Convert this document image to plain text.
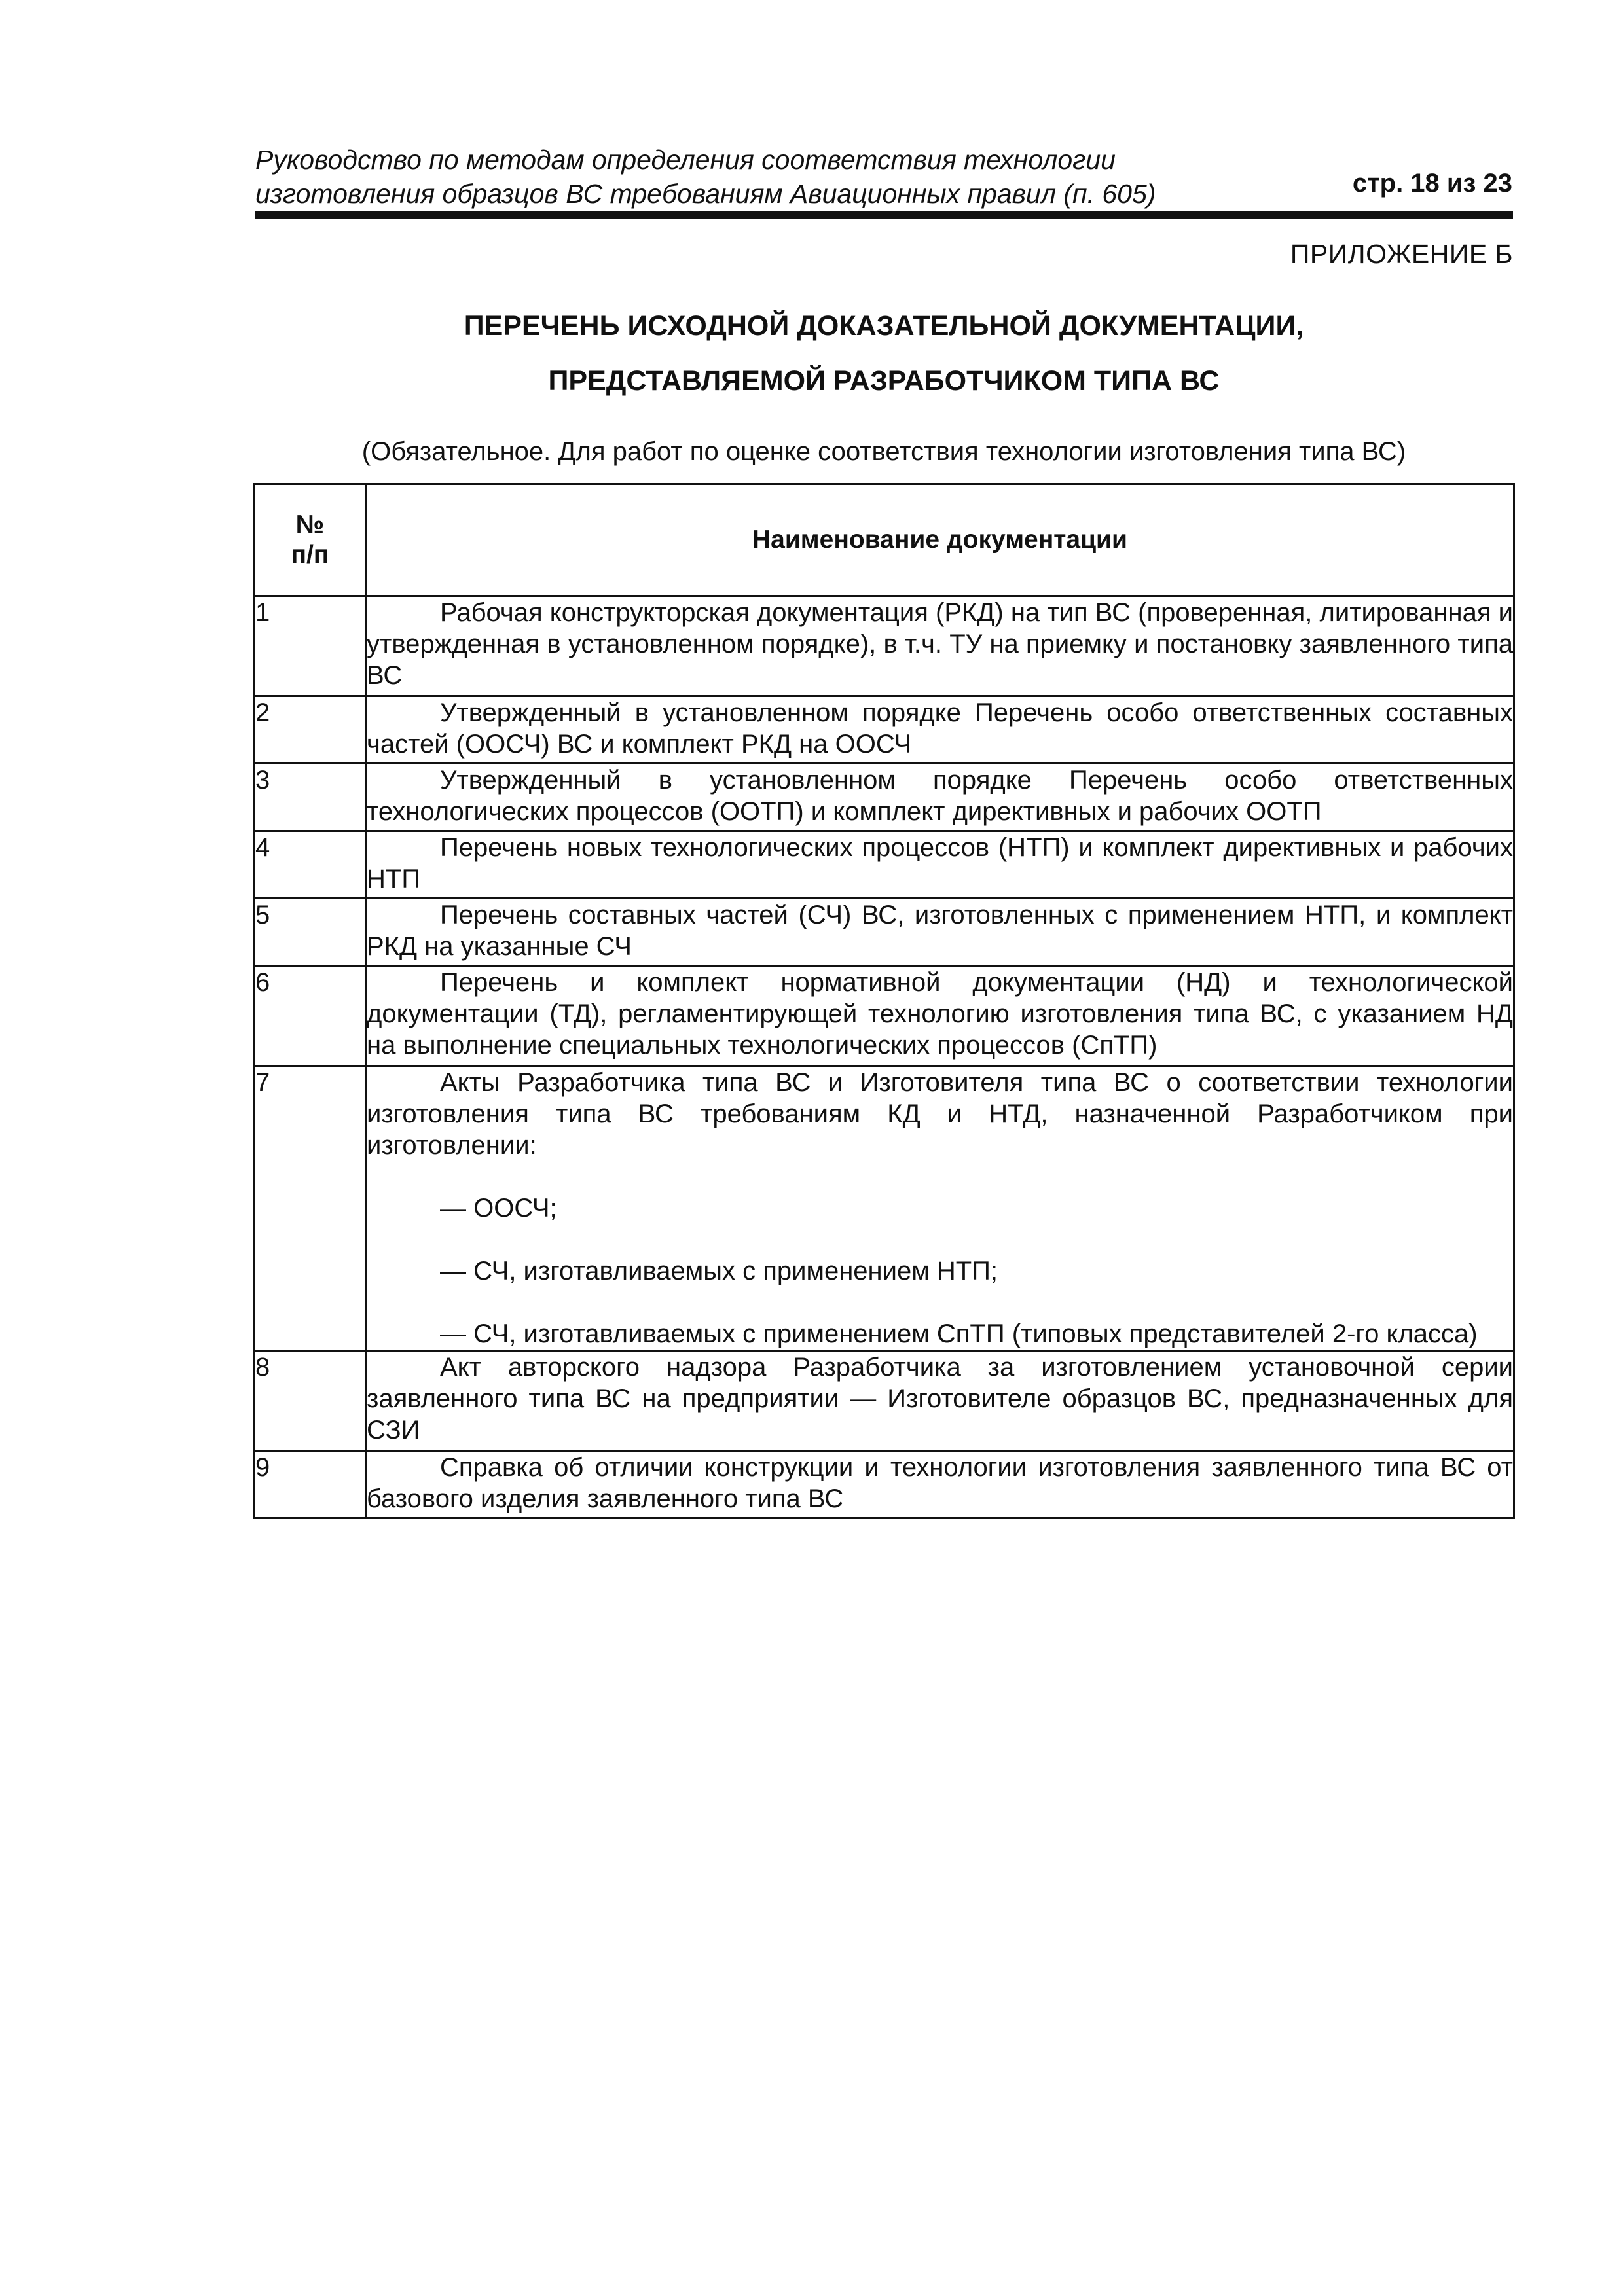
Руководство по методам определения соответствия технологии
изготовления образцов ВС требованиям Авиационных правил (п. 605)	стр. 18 из 23
ПРИЛОЖЕНИЕ Б
ПЕРЕЧЕНЬ ИСХОДНОЙ ДОКАЗАТЕЛЬНОЙ ДОКУМЕНТАЦИИ,
ПРЕДСТАВЛЯЕМОЙ РАЗРАБОТЧИКОМ ТИПА ВС
(Обязательное. Для работ по оценке соответствия технологии изготовления типа ВС)
№
п/п	Наименование документации
1	Рабочая конструкторская документация (РКД) на тип ВС (проверенная, литированная и утвержденная в установленном порядке), в т.ч. ТУ на приемку и постановку заявленного типа ВС

2	Утвержденный в установленном порядке Перечень особо ответственных составных частей (ООСЧ) ВС и комплект РКД на ООСЧ

3	Утвержденный в установленном порядке Перечень особо ответственных технологических процессов (ООТП) и комплект директивных и рабочих ООТП

4	Перечень новых технологических процессов (НТП) и комплект директивных и рабочих НТП

5	Перечень составных частей (СЧ) ВС, изготовленных с применением НТП, и комплект РКД на указанные СЧ

6	Перечень и комплект нормативной документации (НД) и технологической документации (ТД), регламентирующей технологию изготовления типа ВС, с указанием НД на выполнение специальных технологических процессов (СпТП)

7	Акты Разработчика типа ВС и Изготовителя типа ВС о соответствии технологии изготовления типа ВС требованиям КД и НТД, назначенной Разработчиком при изготовлении:

— ООСЧ;

— СЧ, изготавливаемых с применением НТП;

— СЧ, изготавливаемых с применением СпТП (типовых представителей 2-го класса)

8	Акт авторского надзора Разработчика за изготовлением установочной серии заявленного типа ВС на предприятии — Изготовителе образцов ВС, предназначенных для СЗИ

9	Справка об отличии конструкции и технологии изготовления заявленного типа ВС от базового изделия заявленного типа ВС
